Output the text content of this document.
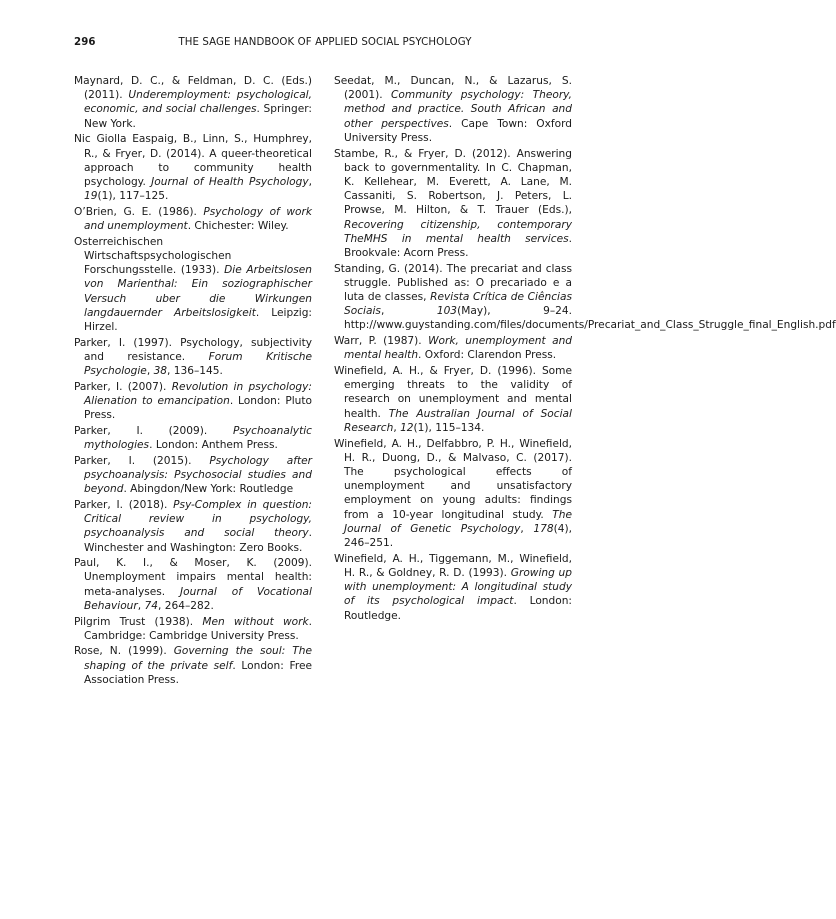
296	THE SAGE HANDBOOK OF APPLIED SOCIAL PSYCHOLOGY

Maynard, D. C., & Feldman, D. C. (Eds.) (2011). Underemployment: psychological, economic, and social challenges. Springer: New York.

Nic Giolla Easpaig, B., Linn, S., Humphrey, R., & Fryer, D. (2014). A queer-theoretical approach to community health psychology. Journal of Health Psychology, 19(1), 117–125.

O’Brien, G. E. (1986). Psychology of work and unemployment. Chichester: Wiley.

Osterreichischen Wirtschaftspsychologischen Forschungsstelle. (1933). Die Arbeitslosen von Marienthal: Ein soziographischer Versuch uber die Wirkungen langdauernder Arbeitslosigkeit. Leipzig: Hirzel.

Parker, I. (1997). Psychology, subjectivity and resistance. Forum Kritische Psychologie, 38, 136–145.

Parker, I. (2007). Revolution in psychology: Alienation to emancipation. London: Pluto Press.

Parker, I. (2009). Psychoanalytic mythologies. London: Anthem Press.

Parker, I. (2015). Psychology after psychoanalysis: Psychosocial studies and beyond. Abingdon/New York: Routledge

Parker, I. (2018). Psy-Complex in question: Critical review in psychology, psychoanalysis and social theory. Winchester and Washington: Zero Books.

Paul, K. I., & Moser, K. (2009). Unemployment impairs mental health: meta-analyses. Journal of Vocational Behaviour, 74, 264–282.

Pilgrim Trust (1938). Men without work. Cambridge: Cambridge University Press.

Rose, N. (1999). Governing the soul: The shaping of the private self. London: Free Association Press.

Seedat, M., Duncan, N., & Lazarus, S. (2001). Community psychology: Theory, method and practice. South African and other perspectives. Cape Town: Oxford University Press.

Stambe, R., & Fryer, D. (2012). Answering back to governmentality. In C. Chapman, K. Kellehear, M. Everett, A. Lane, M. Cassaniti, S. Robertson, J. Peters, L. Prowse, M. Hilton, & T. Trauer (Eds.), Recovering citizenship, contemporary TheMHS in mental health services. Brookvale: Acorn Press.

Standing, G. (2014). The precariat and class struggle. Published as: O precariado e a luta de classes, Revista Crítica de Ciências Sociais, 103(May), 9–24. http://www.guystanding.com/files/documents/Precariat_and_Class_Struggle_final_English.pdf

Warr, P. (1987). Work, unemployment and mental health. Oxford: Clarendon Press.

Winefield, A. H., & Fryer, D. (1996). Some emerging threats to the validity of research on unemployment and mental health. The Australian Journal of Social Research, 12(1), 115–134.

Winefield, A. H., Delfabbro, P. H., Winefield, H. R., Duong, D., & Malvaso, C. (2017). The psychological effects of unemployment and unsatisfactory employment on young adults: findings from a 10-year longitudinal study. The Journal of Genetic Psychology, 178(4), 246–251.

Winefield, A. H., Tiggemann, M., Winefield, H. R., & Goldney, R. D. (1993). Growing up with unemployment: A longitudinal study of its psychological impact. London: Routledge.
